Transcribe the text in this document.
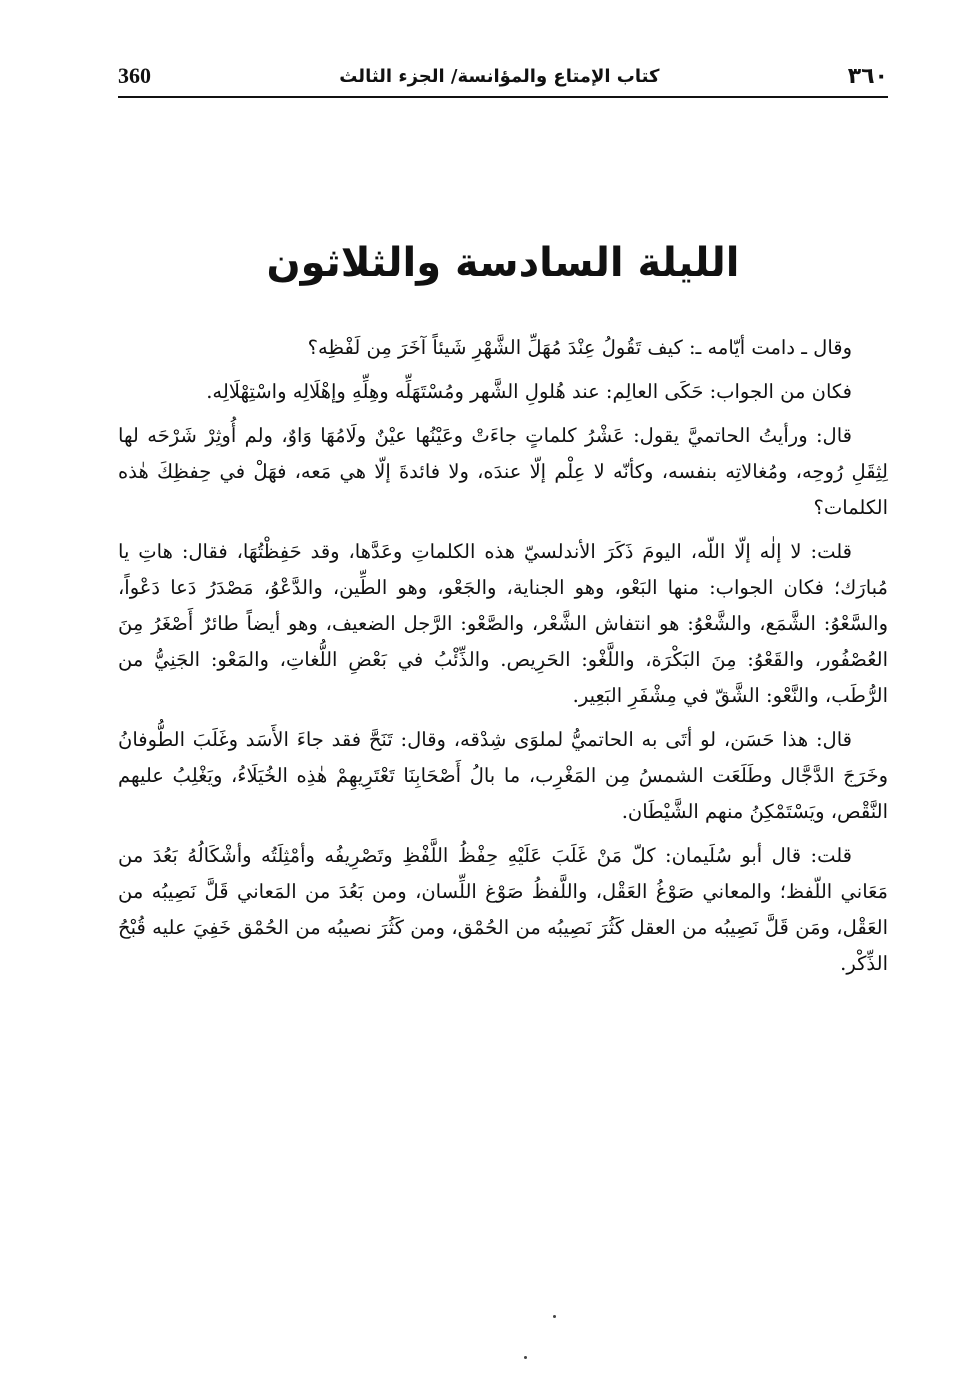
360	كتاب الإمتاع والمؤانسة/ الجزء الثالث	٣٦٠
الليلة السادسة والثلاثون

وقال ـ دامت أيّامه ـ: كيف تَقُولُ عِنْدَ مُهَلِّ الشَّهْرِ شَيئاً آخَرَ مِن لَفْظِه؟

فكان من الجواب: حَكَى العالِم: عند هُلولِ الشَّهر ومُسْتَهَلِّه وهِلِّهِ وإهْلَالِه واسْتِهْلَالِه.

قال: ورأيتُ الحاتميَّ يقول: عَشْرُ كلماتٍ جاءَتْ وعَيْنُها عيْنٌ ولَامُهَا وَاوٌ، ولم أُوثِرْ شَرْحَه لها لِثِقَلِ رُوحِه، ومُغالاتِه بنفسه، وكأنّه لا عِلْم إلّا عندَه، ولا فائدةَ إلّا هي مَعه، فهَلْ في حِفظِكَ هٰذه الكلمات؟

قلت: لا إلٰه إلّا اللّه، اليومَ ذَكَرَ الأندلسيّ هذه الكلماتِ وعَدَّها، وقد حَفِظْتُهَا، فقال: هاتِ يا مُبارَك؛ فكان الجواب: منها البَعْو، وهو الجناية، والجَعْو، وهو الطِّين، والدَّعْوُ، مَصْدَرُ دَعا دَعْواً، والسَّعْوُ: الشَّمَع، والشَّعْوُ: هو انتفاش الشَّعْر، والصَّعْو: الرَّجل الضعيف، وهو أيضاً طائرٌ أَصْغَرُ مِنَ العُصْفُور، والقَعْوُ: مِنَ البَكْرَة، واللَّغْو: الحَرِيص. والذِّئْبُ في بَعْضِ اللُّغاتِ، والمَعْو: الجَنِيُّ من الرُّطَب، والنَّعْو: الشَّقّ في مِشْفَرِ البَعِير.

قال: هذا حَسَن، لو أتَى به الحاتميُّ لملوَى شِدْقه، وقال: تَنَحَّ فقد جاءَ الأَسَد وغَلَبَ الطُّوفانُ وخَرَجَ الدَّجَّال وطَلَعَت الشمسُ مِن المَغْرِب، ما بالُ أَصْحَابِنَا تَعْتَرِيهِمْ هٰذِه الخُيَلَاءُ، ويَغْلِبُ عليهم النَّقْص، ويَسْتَمْكِنُ منهم الشَّيْطَان.

قلت: قال أبو سُلَيمان: كلّ مَنْ غَلَبَ عَلَيْهِ حِفْظُ اللَّفْظِ وتَصْرِيفُه وأمْثِلَتُه وأشْكَالُهُ بَعُدَ من مَعَاني اللّفظ؛ والمعاني صَوْغُ العَقْل، واللَّفظُ صَوْغ اللِّسان، ومن بَعُدَ من المَعاني قَلَّ نَصِيبُه من العَقْل، ومَن قَلَّ نَصِيبُه من العقل كَثُرَ نَصِيبُه من الحُمْق، ومن كَثُرَ نصيبُه من الحُمْق خَفِيَ عليه قُبْحُ الذِّكْر.
